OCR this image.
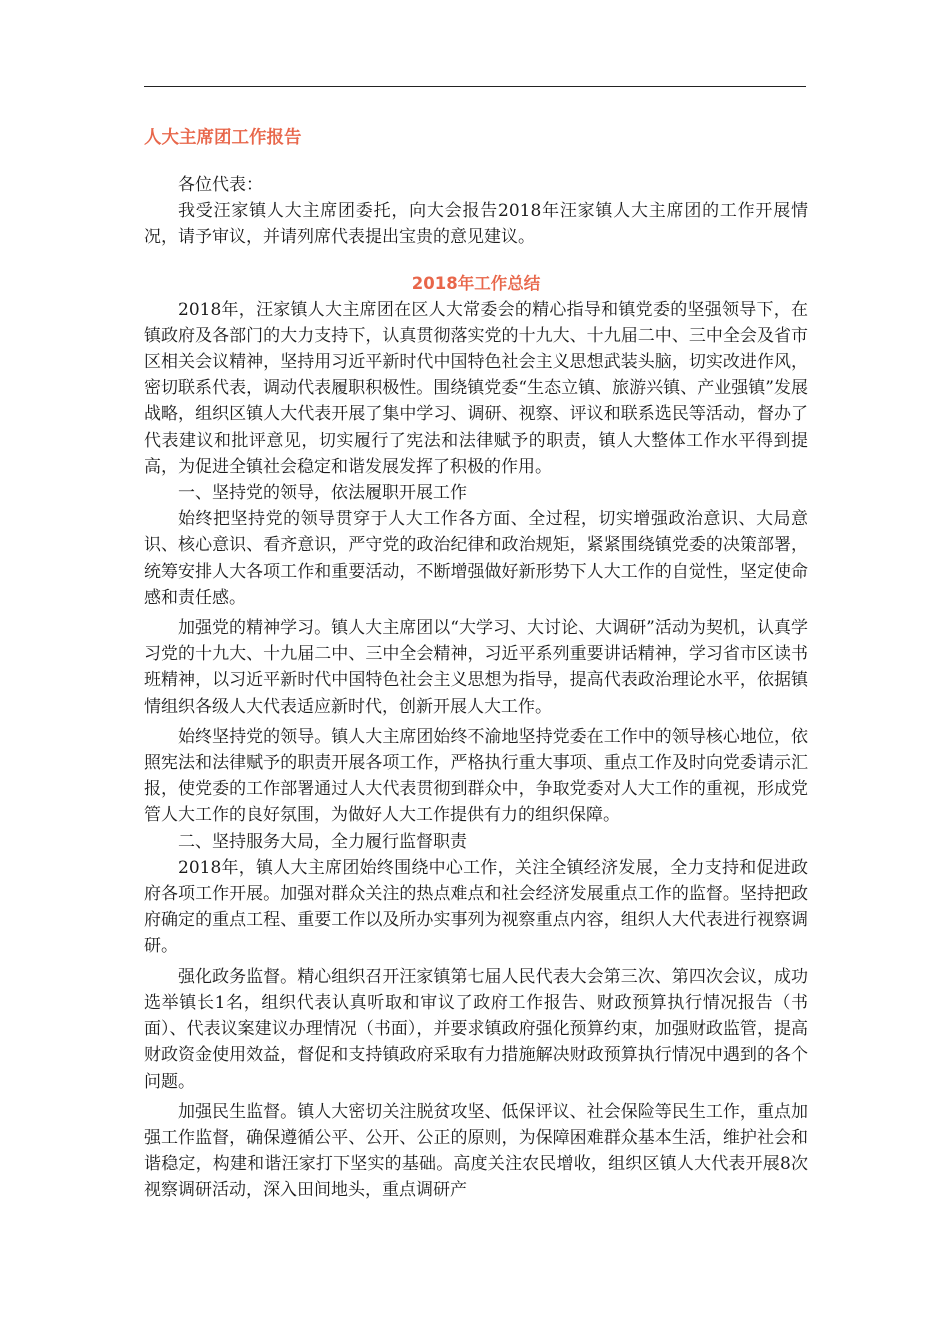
人大主席团工作报告

各位代表：

我受汪家镇人大主席团委托，向大会报告2018年汪家镇人大主席团的工作开展情况，请予审议，并请列席代表提出宝贵的意见建议。

2018年工作总结

2018年，汪家镇人大主席团在区人大常委会的精心指导和镇党委的坚强领导下，在镇政府及各部门的大力支持下，认真贯彻落实党的十九大、十九届二中、三中全会及省市区相关会议精神，坚持用习近平新时代中国特色社会主义思想武装头脑，切实改进作风，密切联系代表，调动代表履职积极性。围绕镇党委“生态立镇、旅游兴镇、产业强镇”发展战略，组织区镇人大代表开展了集中学习、调研、视察、评议和联系选民等活动，督办了代表建议和批评意见，切实履行了宪法和法律赋予的职责，镇人大整体工作水平得到提高，为促进全镇社会稳定和谐发展发挥了积极的作用。

一、坚持党的领导，依法履职开展工作

始终把坚持党的领导贯穿于人大工作各方面、全过程，切实增强政治意识、大局意识、核心意识、看齐意识，严守党的政治纪律和政治规矩，紧紧围绕镇党委的决策部署，统筹安排人大各项工作和重要活动，不断增强做好新形势下人大工作的自觉性，坚定使命感和责任感。

加强党的精神学习。镇人大主席团以“大学习、大讨论、大调研”活动为契机，认真学习党的十九大、十九届二中、三中全会精神，习近平系列重要讲话精神，学习省市区读书班精神，以习近平新时代中国特色社会主义思想为指导，提高代表政治理论水平，依据镇情组织各级人大代表适应新时代，创新开展人大工作。

始终坚持党的领导。镇人大主席团始终不渝地坚持党委在工作中的领导核心地位，依照宪法和法律赋予的职责开展各项工作，严格执行重大事项、重点工作及时向党委请示汇报，使党委的工作部署通过人大代表贯彻到群众中，争取党委对人大工作的重视，形成党管人大工作的良好氛围，为做好人大工作提供有力的组织保障。

二、坚持服务大局，全力履行监督职责

2018年，镇人大主席团始终围绕中心工作，关注全镇经济发展，全力支持和促进政府各项工作开展。加强对群众关注的热点难点和社会经济发展重点工作的监督。坚持把政府确定的重点工程、重要工作以及所办实事列为视察重点内容，组织人大代表进行视察调研。

强化政务监督。精心组织召开汪家镇第七届人民代表大会第三次、第四次会议，成功选举镇长1名，组织代表认真听取和审议了政府工作报告、财政预算执行情况报告（书面）、代表议案建议办理情况（书面），并要求镇政府强化预算约束，加强财政监管，提高财政资金使用效益，督促和支持镇政府采取有力措施解决财政预算执行情况中遇到的各个问题。

加强民生监督。镇人大密切关注脱贫攻坚、低保评议、社会保险等民生工作，重点加强工作监督，确保遵循公平、公开、公正的原则，为保障困难群众基本生活，维护社会和谐稳定，构建和谐汪家打下坚实的基础。高度关注农民增收，组织区镇人大代表开展8次视察调研活动，深入田间地头，重点调研产
